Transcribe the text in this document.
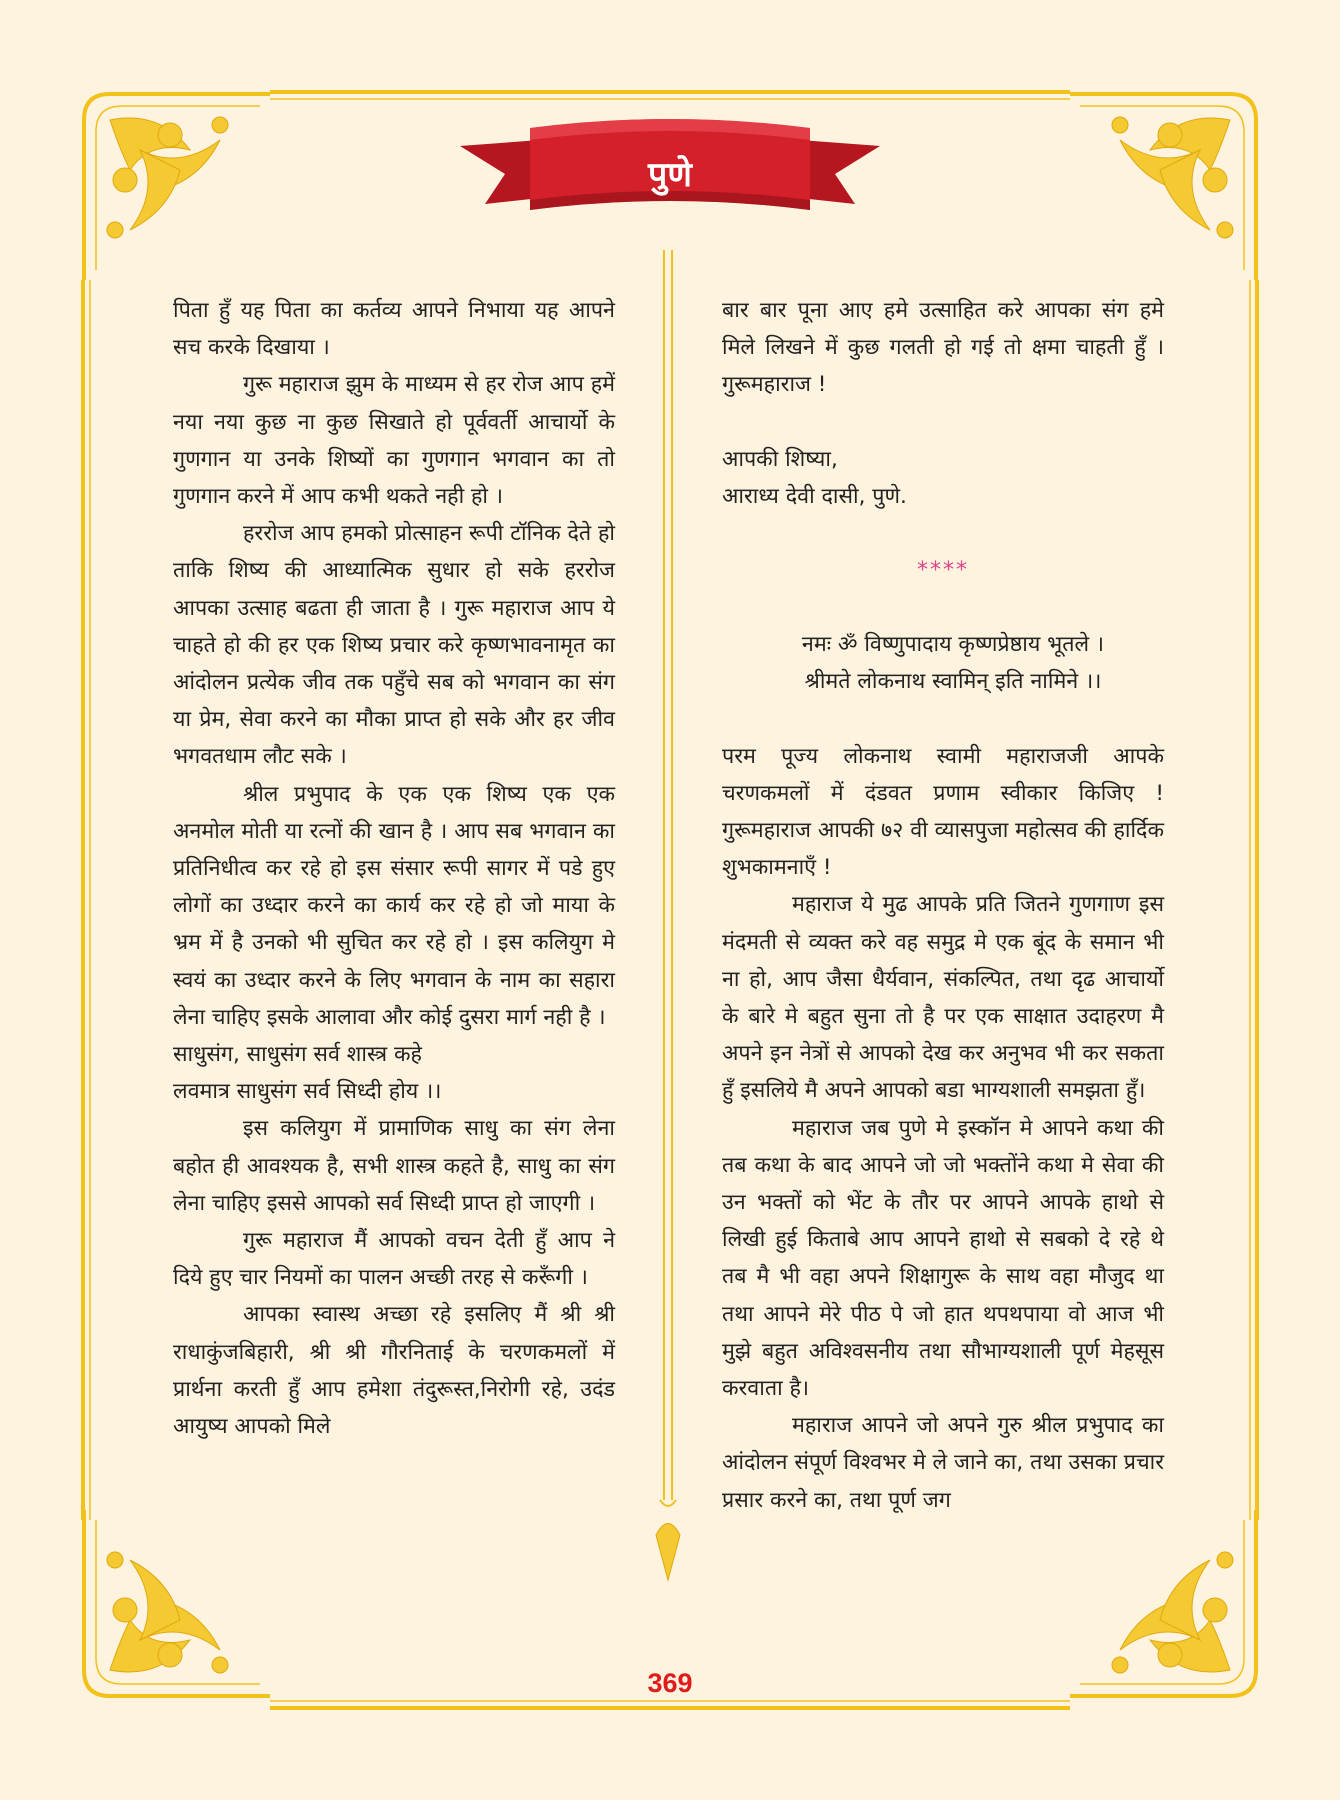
पुणे

पिता हुँ यह पिता का कर्तव्य आपने निभाया यह आपने सच करके दिखाया ।

गुरू महाराज झुम के माध्यम से हर रोज आप हमें नया नया कुछ ना कुछ सिखाते हो पूर्ववर्ती आचार्यो के गुणगान या उनके शिष्यों का गुणगान भगवान का तो गुणगान करने में आप कभी थकते नही हो ।

हररोज आप हमको प्रोत्साहन रूपी टॉनिक देते हो ताकि शिष्य की आध्यात्मिक सुधार हो सके हररोज आपका उत्साह बढता ही जाता है । गुरू महाराज आप ये चाहते हो की हर एक शिष्य प्रचार करे कृष्णभावनामृत का आंदोलन प्रत्येक जीव तक पहुँचे सब को भगवान का संग या प्रेम, सेवा करने का मौका प्राप्त हो सके और हर जीव भगवतधाम लौट सके ।

श्रील प्रभुपाद के एक एक शिष्य एक एक अनमोल मोती या रत्नों की खान है । आप सब भगवान का प्रतिनिधीत्व कर रहे हो इस संसार रूपी सागर में पडे हुए लोगों का उध्दार करने का कार्य कर रहे हो जो माया के भ्रम में है उनको भी सुचित कर रहे हो । इस कलियुग मे स्वयं का उध्दार करने के लिए भगवान के नाम का सहारा लेना चाहिए इसके आलावा और कोई दुसरा मार्ग नही है ।

साधुसंग, साधुसंग सर्व शास्त्र कहे

लवमात्र साधुसंग सर्व सिध्दी होय ।।

इस कलियुग में प्रामाणिक साधु का संग लेना बहोत ही आवश्यक है, सभी शास्त्र कहते है, साधु का संग लेना चाहिए इससे आपको सर्व सिध्दी प्राप्त हो जाएगी ।

गुरू महाराज मैं आपको वचन देती हुँ आप ने दिये हुए चार नियमों का पालन अच्छी तरह से करूँगी ।

आपका स्वास्थ अच्छा रहे इसलिए मैं श्री श्री राधाकुंजबिहारी, श्री श्री गौरनिताई के चरणकमलों में प्रार्थना करती हुँ आप हमेशा तंदुरूस्त,निरोगी रहे, उदंड आयुष्य आपको मिले

बार बार पूना आए हमे उत्साहित करे आपका संग हमे मिले लिखने में कुछ गलती हो गई तो क्षमा चाहती हुँ । गुरूमहाराज !

आपकी शिष्या,

आराध्य देवी दासी, पुणे.

****

नमः ॐ विष्णुपादाय कृष्णप्रेष्ठाय भूतले ।

श्रीमते लोकनाथ स्वामिन् इति नामिने ।।

परम पूज्य लोकनाथ स्वामी महाराजजी आपके चरणकमलों में दंडवत प्रणाम स्वीकार किजिए ! गुरूमहाराज आपकी ७२ वी व्यासपुजा महोत्सव की हार्दिक शुभकामनाएँ !

महाराज ये मुढ आपके प्रति जितने गुणगाण इस मंदमती से व्यक्त करे वह समुद्र मे एक बूंद के समान भी ना हो, आप जैसा धैर्यवान, संकल्पित, तथा दृढ आचार्यो के बारे मे बहुत सुना तो है पर एक साक्षात उदाहरण मै अपने इन नेत्रों से आपको देख कर अनुभव भी कर सकता हुँ इसलिये मै अपने आपको बडा भाग्यशाली समझता हुँ।

महाराज जब पुणे मे इस्कॉन मे आपने कथा की तब कथा के बाद आपने जो जो भक्तोंने कथा मे सेवा की उन भक्तों को भेंट के तौर पर आपने आपके हाथो से लिखी हुई किताबे आप आपने हाथो से सबको दे रहे थे तब मै भी वहा अपने शिक्षागुरू के साथ वहा मौजुद था तथा आपने मेरे पीठ पे जो हात थपथपाया वो आज भी मुझे बहुत अविश्वसनीय तथा सौभाग्यशाली पूर्ण मेहसूस करवाता है।

महाराज आपने जो अपने गुरु श्रील प्रभुपाद का आंदोलन संपूर्ण विश्वभर मे ले जाने का, तथा उसका प्रचार प्रसार करने का, तथा पूर्ण जग

369
